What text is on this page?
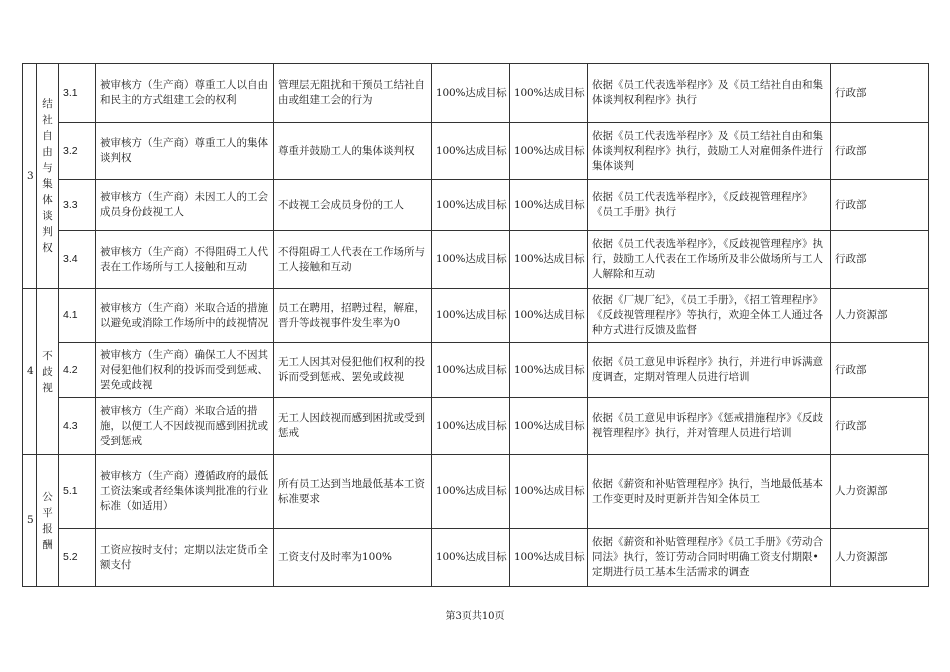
3	结社自由与集体谈判权	3.1	被审核方（生产商）尊重工人以自由和民主的方式组建工会的权利	管理层无阻扰和干预员工结社自由或组建工会的行为	100%达成目标	100%达成目标	依据《员工代表选举程序》及《员工结社自由和集体谈判权利程序》执行	行政部
		3.2	被审核方（生产商）尊重工人的集体谈判权	尊重并鼓励工人的集体谈判权	100%达成目标	100%达成目标	依据《员工代表选举程序》及《员工结社自由和集体谈判权利程序》执行，鼓励工人对雇佣条件进行集体谈判	行政部
		3.3	被审核方（生产商）未因工人的工会成员身份歧视工人	不歧视工会成员身份的工人	100%达成目标	100%达成目标	依据《员工代表选举程序》，《反歧视管理程序》《员工手册》执行	行政部
		3.4	被审核方（生产商）不得阻碍工人代表在工作场所与工人接触和互动	不得阻碍工人代表在工作场所与工人接触和互动	100%达成目标	100%达成目标	依据《员工代表选举程序》，《反歧视管理程序》执行，鼓励工人代表在工作场所及非公做场所与工人人解除和互动	行政部
4	不歧视	4.1	被审核方（生产商）米取合适的措施以避免或消除工作场所中的歧视情况	员工在聘用，招聘过程，解雇，晋升等歧视事件发生率为0	100%达成目标	100%达成目标	依据《厂规厂纪》，《员工手册》，《招工管理程序》《反歧视管理程序》等执行，欢迎全体工人通过各种方式进行反馈及监督	人力资源部
		4.2	被审核方（生产商）确保工人不因其对侵犯他们权利的投诉而受到惩戒、罢免或歧视	无工人因其对侵犯他们权利的投诉而受到惩戒、罢免或歧视	100%达成目标	100%达成目标	依据《员工意见申诉程序》执行，并进行申诉满意度调查，定期对管理人员进行培训	行政部
		4.3	被审核方（生产商）米取合适的措施，以便工人不因歧视而感到困扰或受到惩戒	无工人因歧视而感到困扰或受到惩戒	100%达成目标	100%达成目标	依据《员工意见申诉程序》《惩戒措施程序》《反歧视管理程序》执行，并对管理人员进行培训	行政部
5	公平报酬	5.1	被审核方（生产商）遵循政府的最低工资法案或者经集体谈判批准的行业标准（如适用）	所有员工达到当地最低基本工资标准要求	100%达成目标	100%达成目标	依据《薪资和补贴管理程序》执行，当地最低基本工作变更时及时更新并告知全体员工	人力资源部
		5.2	工资应按时支付；定期以法定货币全额支付	工资支付及时率为100%	100%达成目标	100%达成目标	依据《薪资和补贴管理程序》《员工手册》《劳动合同法》执行，签订劳动合同时明确工资支付期限•定期进行员工基本生活需求的调查	人力资源部
第3页共10页
